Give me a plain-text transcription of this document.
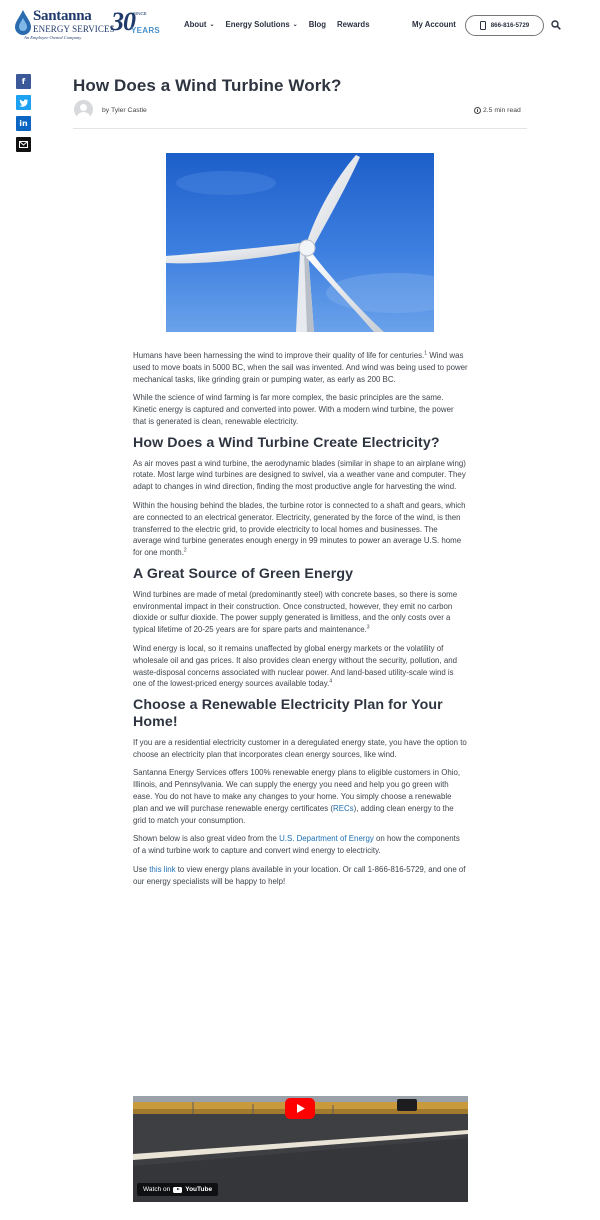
Santanna
ENERGY SERVICES
An Employee Owned Company
30
SINCE
YEARS
About ⌄ Energy Solutions ⌄ Blog Rewards	My Account	866-816-5729
f
in
How Does a Wind Turbine Work?
by Tyler Castle	2.5 min read

Humans have been harnessing the wind to improve their quality of life for centuries.$^1$ Wind was used to move boats in 5000 BC, when the sail was invented. And wind was being used to power mechanical tasks, like grinding grain or pumping water, as early as 200 BC.

While the science of wind farming is far more complex, the basic principles are the same. Kinetic energy is captured and converted into power. With a modern wind turbine, the power that is generated is clean, renewable electricity.

How Does a Wind Turbine Create Electricity?

As air moves past a wind turbine, the aerodynamic blades (similar in shape to an airplane wing) rotate. Most large wind turbines are designed to swivel, via a weather vane and computer. They adapt to changes in wind direction, finding the most productive angle for harvesting the wind.

Within the housing behind the blades, the turbine rotor is connected to a shaft and gears, which are connected to an electrical generator. Electricity, generated by the force of the wind, is then transferred to the electric grid, to provide electricity to local homes and businesses. The average wind turbine generates enough energy in 99 minutes to power an average U.S. home for one month.$^2$

A Great Source of Green Energy

Wind turbines are made of metal (predominantly steel) with concrete bases, so there is some environmental impact in their construction. Once constructed, however, they emit no carbon dioxide or sulfur dioxide. The power supply generated is limitless, and the only costs over a typical lifetime of 20-25 years are for spare parts and maintenance.$^3$

Wind energy is local, so it remains unaffected by global energy markets or the volatility of wholesale oil and gas prices. It also provides clean energy without the security, pollution, and waste-disposal concerns associated with nuclear power. And land-based utility-scale wind is one of the lowest-priced energy sources available today.$^4$

Choose a Renewable Electricity Plan for Your Home!

If you are a residential electricity customer in a deregulated energy state, you have the option to choose an electricity plan that incorporates clean energy sources, like wind.

Santanna Energy Services offers 100% renewable energy plans to eligible customers in Ohio, Illinois, and Pennsylvania. We can supply the energy you need and help you go green with ease. You do not have to make any changes to your home. You simply choose a renewable plan and we will purchase renewable energy certificates (RECs), adding clean energy to the grid to match your consumption.

Shown below is also great video from the U.S. Department of Energy on how the components of a wind turbine work to capture and convert wind energy to electricity.

Use this link to view energy plans available in your location. Or call 1-866-816-5729, and one of our energy specialists will be happy to help!

Watch on YouTube
